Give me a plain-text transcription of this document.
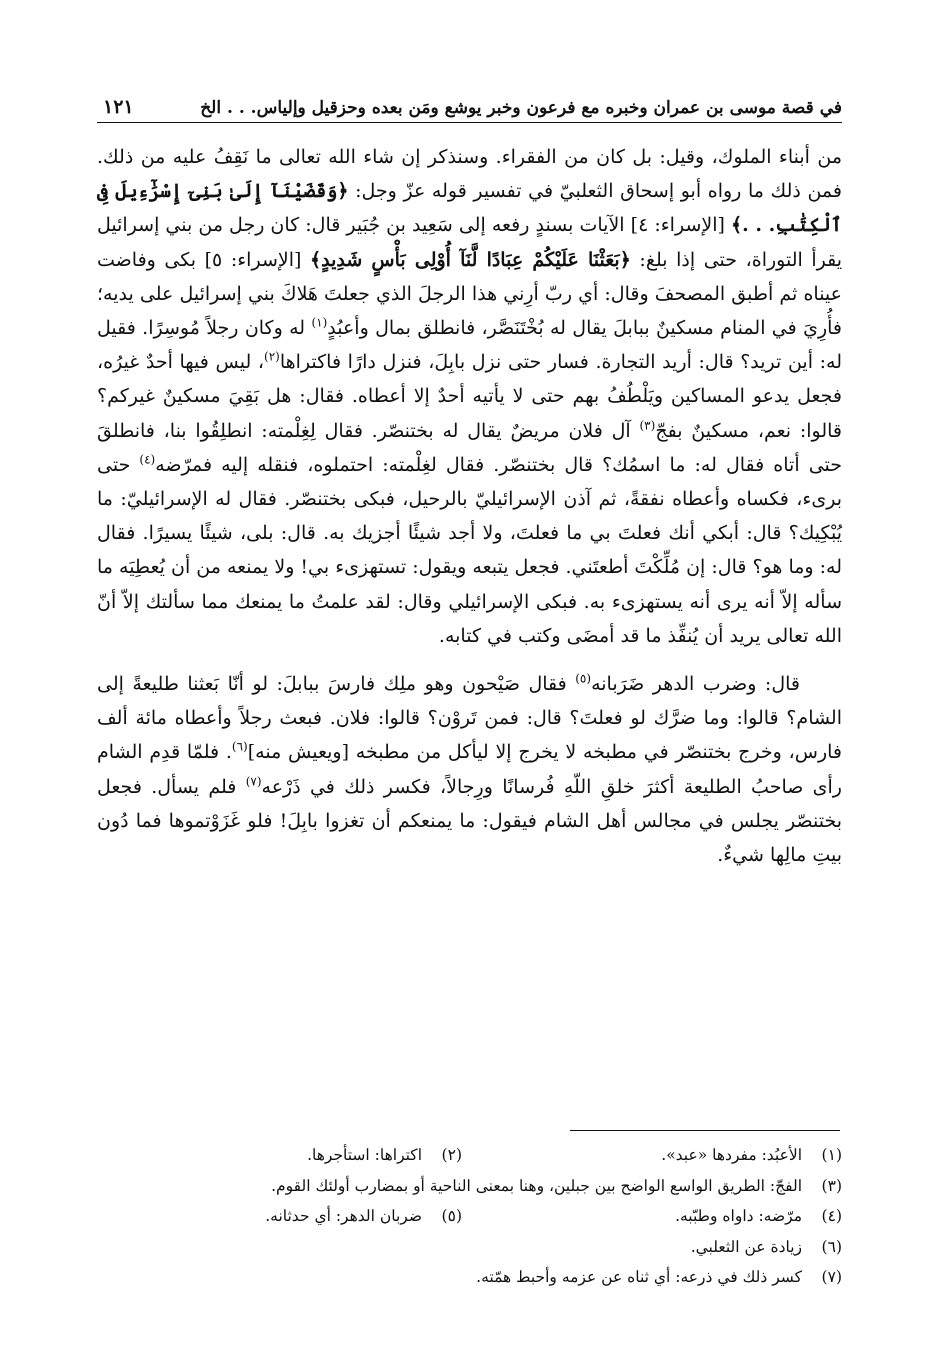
في قصة موسى بن عمران وخبره مع فرعون وخبر يوشع ومَن بعده وحزقيل وإلياس. . . الخ
١٢١

من أبناء الملوك، وقيل: بل كان من الفقراء. وسنذكر إن شاء الله تعالى ما نَقِفُ عليه من ذلك. فمن ذلك ما رواه أبو إسحاق الثعلبيّ في تفسير قوله عزّ وجل: ﴿وَقَضَيْنَآ إِلَىٰ بَنِىٓ إِسْرَٰٓءِيلَ فِى ٱلْكِتَٰبِ. . .﴾ [الإسراء: ٤] الآيات بسندٍ رفعه إلى سَعِيد بن جُبَير قال: كان رجل من بني إسرائيل يقرأ التوراة، حتى إذا بلغ: ﴿بَعَثْنَا عَلَيْكُمْ عِبَادًا لَّنَآ أُوْلِى بَأْسٍ شَدِيدٍ﴾ [الإسراء: ٥] بكى وفاضت عيناه ثم أطبق المصحفَ وقال: أي ربّ أرِني هذا الرجلَ الذي جعلتَ هَلاكَ بني إسرائيل على يديه؛ فأُرِيَ في المنام مسكينٌ ببابلَ يقال له بُخْتَنَصَّر، فانطلق بمال وأعبُدٍ$^{(١)}$ له وكان رجلاً مُوسِرًا. فقيل له: أين تريد؟ قال: أريد التجارة. فسار حتى نزل بابِلَ، فنزل دارًا فاكتراها$^{(٢)}$، ليس فيها أحدٌ غيرُه، فجعل يدعو المساكين ويَلْطُفُ بهم حتى لا يأتيه أحدٌ إلا أعطاه. فقال: هل بَقِيَ مسكينٌ غيركم؟ قالوا: نعم، مسكينٌ بفجّ$^{(٣)}$ آل فلان مريضٌ يقال له بختنصّر. فقال لِغِلْمته: انطلِقُوا بنا، فانطلقَ حتى أتاه فقال له: ما اسمُك؟ قال بختنصّر. فقال لغِلْمته: احتملوه، فنقله إليه فمرّضه$^{(٤)}$ حتى برىء، فكساه وأعطاه نفقةً، ثم آذن الإسرائيليّ بالرحيل، فبكى بختنصّر. فقال له الإسرائيليّ: ما يُبْكِيك؟ قال: أبكي أنك فعلتَ بي ما فعلتَ، ولا أجد شيئًا أجزيك به. قال: بلى، شيئًا يسيرًا. فقال له: وما هو؟ قال: إن مُلِّكْتَ أطعتَني. فجعل يتبعه ويقول: تستهزىء بي! ولا يمنعه من أن يُعطِيَه ما سأله إلاّ أنه يرى أنه يستهزىء به. فبكى الإسرائيلي وقال: لقد علمتُ ما يمنعك مما سألتك إلاّ أنّ الله تعالى يريد أن يُنفِّذ ما قد أمضَى وكتب في كتابه.

قال: وضرب الدهر ضَرَبانه$^{(٥)}$ فقال صَيْحون وهو ملِك فارسَ ببابلَ: لو أنّا بَعثنا طليعةً إلى الشام؟ قالوا: وما ضرَّك لو فعلتَ؟ قال: فمن تَروْن؟ قالوا: فلان. فبعث رجلاً وأعطاه مائة ألف فارس، وخرج بختنصّر في مطبخه لا يخرج إلا ليأكل من مطبخه [ويعيش منه]$^{(٦)}$. فلمّا قدِم الشام رأى صاحبُ الطليعة أكثرَ خلقِ اللّهِ فُرسانًا ورِجالاً، فكسر ذلك في ذَرْعه$^{(٧)}$ فلم يسأل. فجعل بختنصّر يجلس في مجالس أهل الشام فيقول: ما يمنعكم أن تغزوا بابِلَ! فلو غَزَوْتموها فما دُون بيتِ مالِها شيءٌ.

(١)
الأعبُد: مفردها «عبد».
(٢)
اكتراها: استأجرها.
(٣)
الفجّ: الطريق الواسع الواضح بين جبلين، وهنا بمعنى الناحية أو بمضارب أولئك القوم.
(٤)
مرّضه: داواه وطبّبه.
(٥)
ضربان الدهر: أي حدثانه.
(٦)
زيادة عن الثعلبي.
(٧)
كسر ذلك في ذرعه: أي ثناه عن عزمه وأحبط همّته.
